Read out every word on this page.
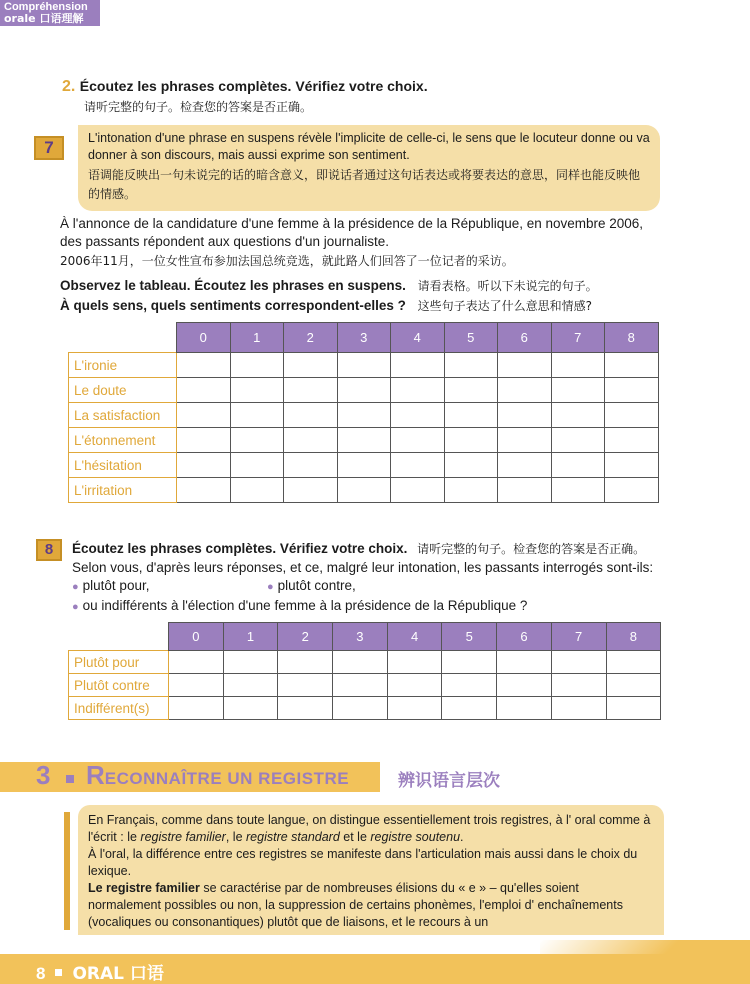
Compréhension
orale 口语理解
2. Écoutez les phrases complètes. Vérifiez votre choix.
请听完整的句子。检查您的答案是否正确。
7	L'intonation d'une phrase en suspens révèle l'implicite de celle-ci, le sens que le locuteur donne ou va donner à son discours, mais aussi exprime son sentiment.
语调能反映出一句未说完的话的暗含意义，即说话者通过这句话表达或将要表达的意思，同样也能反映他的情感。
À l'annonce de la candidature d'une femme à la présidence de la République, en novembre 2006, des passants répondent aux questions d'un journaliste.
2006年11月，一位女性宣布参加法国总统竞选，就此路人们回答了一位记者的采访。
Observez le tableau. Écoutez les phrases en suspens. 请看表格。听以下未说完的句子。
À quels sens, quels sentiments correspondent-elles ? 这些句子表达了什么意思和情感?
	0	1	2	3	4	5	6	7	8
L'ironie									
Le doute									
La satisfaction									
L'étonnement									
L'hésitation									
L'irritation									
8	Écoutez les phrases complètes. Vérifiez votre choix. 请听完整的句子。检查您的答案是否正确。
Selon vous, d'après leurs réponses, et ce, malgré leur intonation, les passants interrogés sont-ils:
● plutôt pour,	● plutôt contre,
● ou indifférents à l'élection d'une femme à la présidence de la République ?
	0	1	2	3	4	5	6	7	8
Plutôt pour									
Plutôt contre									
Indifférent(s)									
3 RECONNAÎTRE UN REGISTRE	辨识语言层次

En Français, comme dans toute langue, on distingue essentiellement trois registres, à l' oral comme à l'écrit : le registre familier, le registre standard et le registre soutenu.

À l'oral, la différence entre ces registres se manifeste dans l'articulation mais aussi dans le choix du lexique.

Le registre familier se caractérise par de nombreuses élisions du « e » – qu'elles soient normalement possibles ou non, la suppression de certains phonèmes, l'emploi d' enchaînements (vocaliques ou consonantiques) plutôt que de liaisons, et le recours à un

8 ORAL 口语
